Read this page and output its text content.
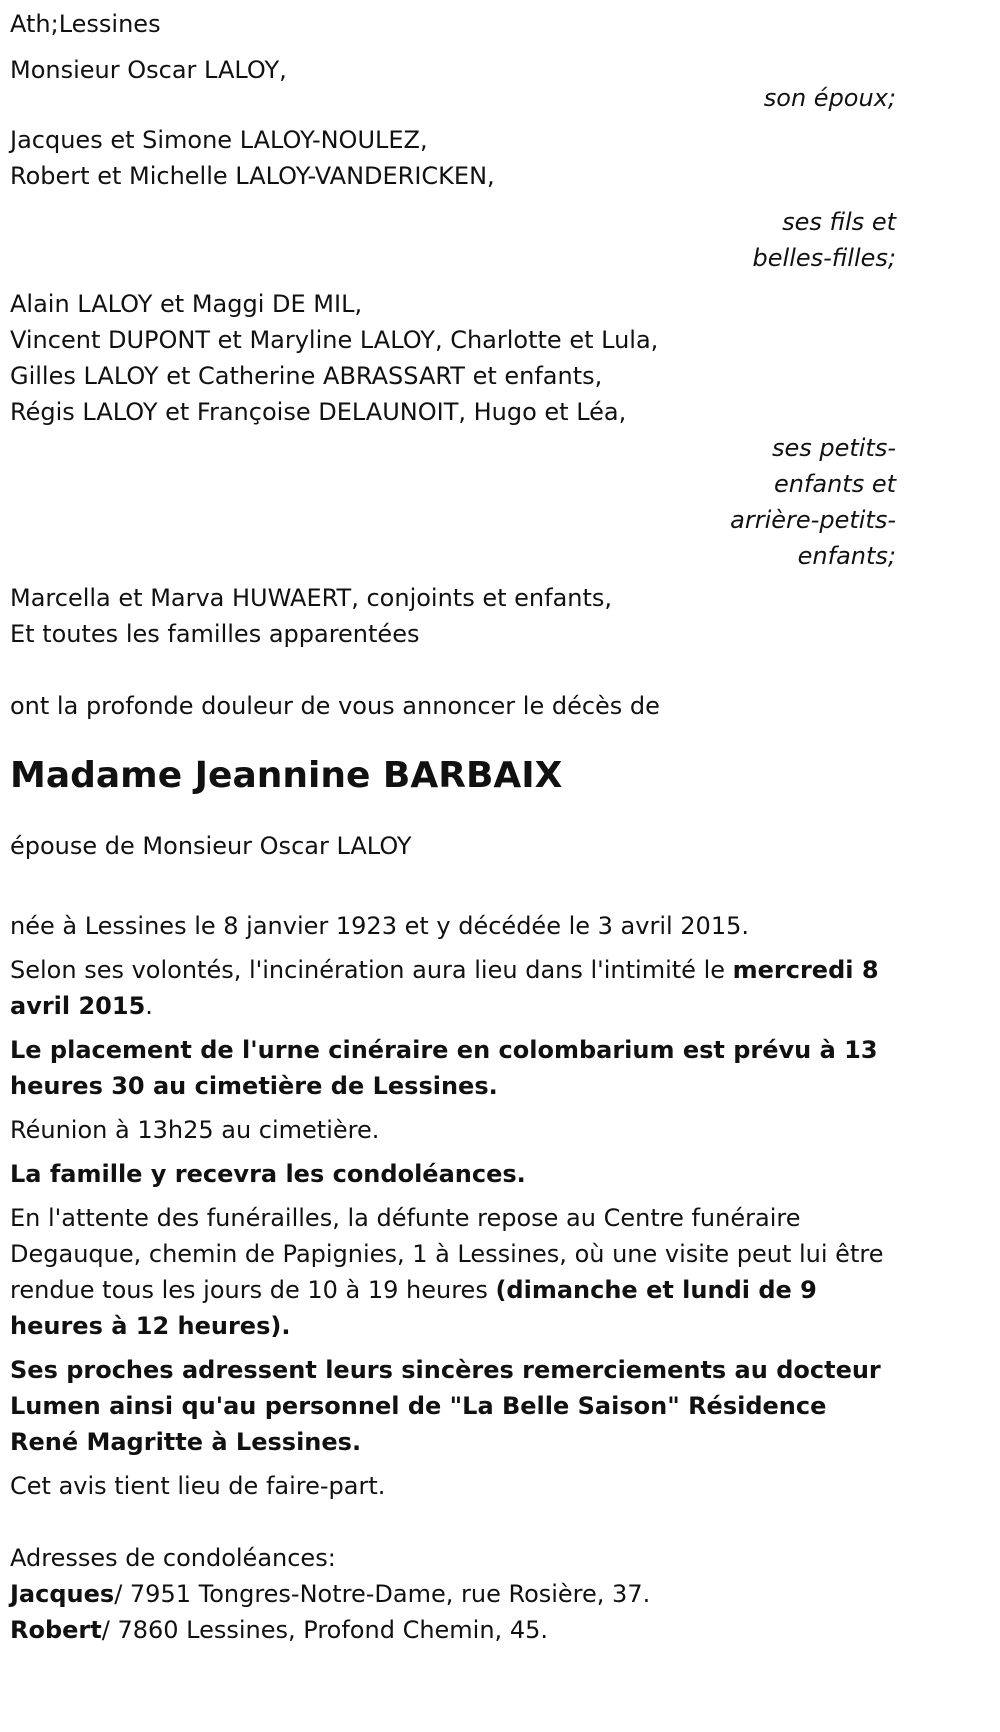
Ath;Lessines
Monsieur Oscar LALOY,
son époux;
Jacques et Simone LALOY-NOULEZ,
Robert et Michelle LALOY-VANDERICKEN,
ses fils et belles-filles;
Alain LALOY et Maggi DE MIL,
Vincent DUPONT et Maryline LALOY, Charlotte et Lula,
Gilles LALOY et Catherine ABRASSART et enfants,
Régis LALOY et Françoise DELAUNOIT, Hugo et Léa,
ses petits-enfants et arrière-petits-enfants;
Marcella et Marva HUWAERT, conjoints et enfants,
Et toutes les familles apparentées
ont la profonde douleur de vous annoncer le décès de
Madame Jeannine BARBAIX
épouse de Monsieur Oscar LALOY
née à Lessines le 8 janvier 1923 et y décédée le 3 avril 2015.
Selon ses volontés, l'incinération aura lieu dans l'intimité le mercredi 8 avril 2015.
Le placement de l'urne cinéraire en colombarium est prévu à 13 heures 30 au cimetière de Lessines.
Réunion à 13h25 au cimetière.
La famille y recevra les condoléances.
En l'attente des funérailles, la défunte repose au Centre funéraire Degauque, chemin de Papignies, 1 à Lessines, où une visite peut lui être rendue tous les jours de 10 à 19 heures (dimanche et lundi de 9 heures à 12 heures).
Ses proches adressent leurs sincères remerciements au docteur Lumen ainsi qu'au personnel de "La Belle Saison" Résidence René Magritte à Lessines.
Cet avis tient lieu de faire-part.
Adresses de condoléances:
Jacques/ 7951 Tongres-Notre-Dame, rue Rosière, 37.
Robert/ 7860 Lessines, Profond Chemin, 45.
